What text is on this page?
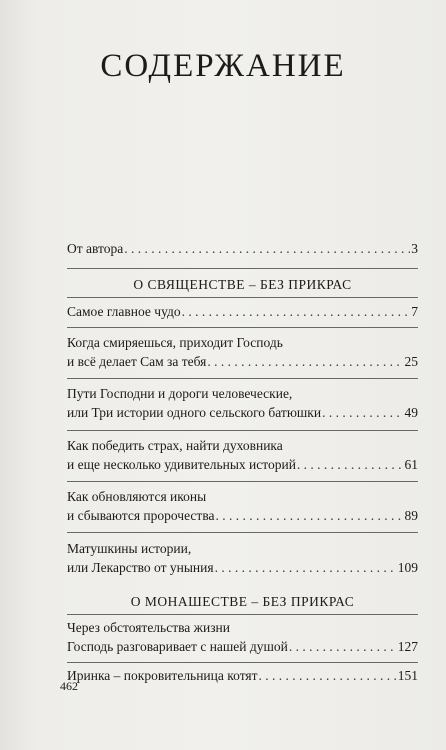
СОДЕРЖАНИЕ
От автора . . .	3
О СВЯЩЕНСТВЕ – БЕЗ ПРИКРАС
Самое главное чудо . . .	7
Когда смиряешься, приходит Господь
и всё делает Сам за тебя . . .	25
Пути Господни и дороги человеческие,
или Три истории одного сельского батюшки . . .	49
Как победить страх, найти духовника
и еще несколько удивительных историй . . .	61
Как обновляются иконы
и сбываются пророчества . . .	89
Матушкины истории,
или Лекарство от уныния . . .	109
О МОНАШЕСТВЕ – БЕЗ ПРИКРАС
Через обстоятельства жизни
Господь разговаривает с нашей душой . . .	127
Иринка – покровительница котят . . .	151
462
